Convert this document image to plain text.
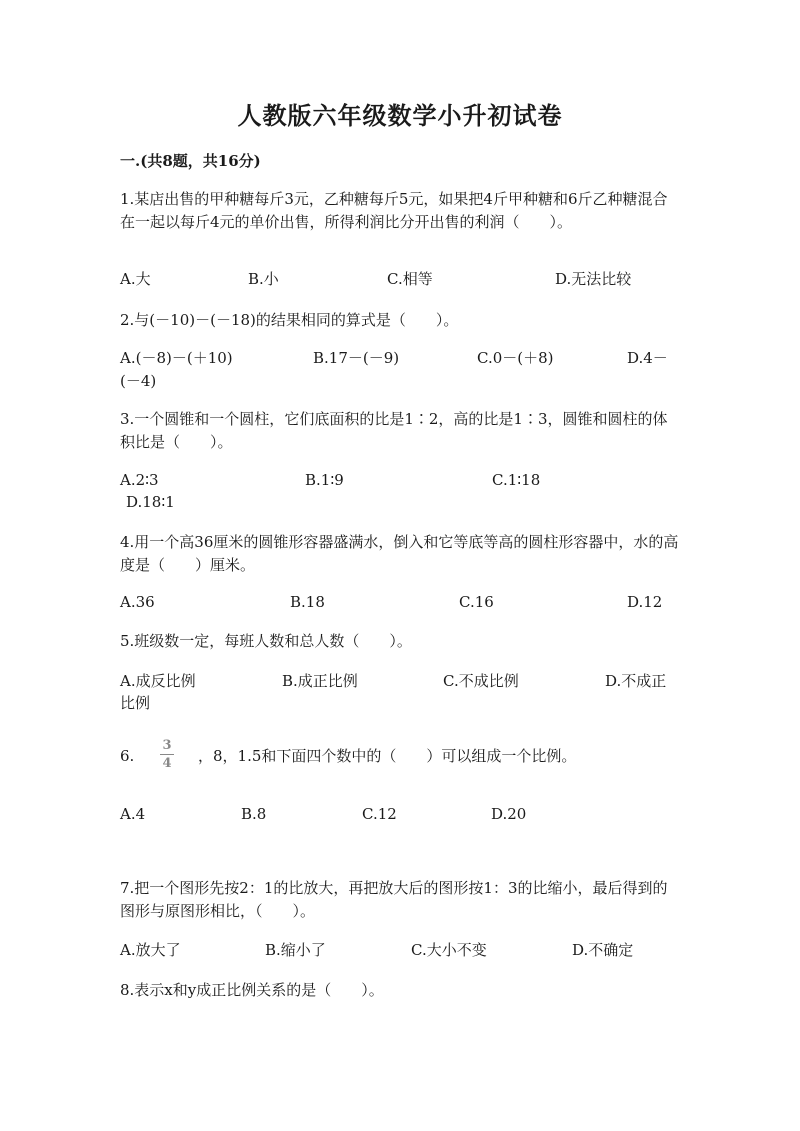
人教版六年级数学小升初试卷
一.(共8题，共16分)
1.某店出售的甲种糖每斤3元，乙种糖每斤5元，如果把4斤甲种糖和6斤乙种糖混合在一起以每斤4元的单价出售，所得利润比分开出售的利润（　　）。
A.大	B.小	C.相等	D.无法比较
2.与(－10)－(－18)的结果相同的算式是（　　）。
A.(－8)－(＋10)	B.17－(－9)	C.0－(＋8)	D.4－
(－4)
3.一个圆锥和一个圆柱，它们底面积的比是1∶2，高的比是1∶3，圆锥和圆柱的体积比是（　　）。
A.2∶3	B.1∶9	C.1∶18
D.18∶1
4.用一个高36厘米的圆锥形容器盛满水，倒入和它等底等高的圆柱形容器中，水的高度是（　　）厘米。
A.36	B.18	C.16	D.12
5.班级数一定，每班人数和总人数（　　）。
A.成反比例	B.成正比例	C.不成比例	D.不成正
比例
6.
3
4 ，8，1.5和下面四个数中的（　　）可以组成一个比例。
A.4	B.8	C.12	D.20
7.把一个图形先按2：1的比放大，再把放大后的图形按1：3的比缩小，最后得到的图形与原图形相比，（　　）。
A.放大了	B.缩小了	C.大小不变	D.不确定
8.表示x和y成正比例关系的是（　　）。
